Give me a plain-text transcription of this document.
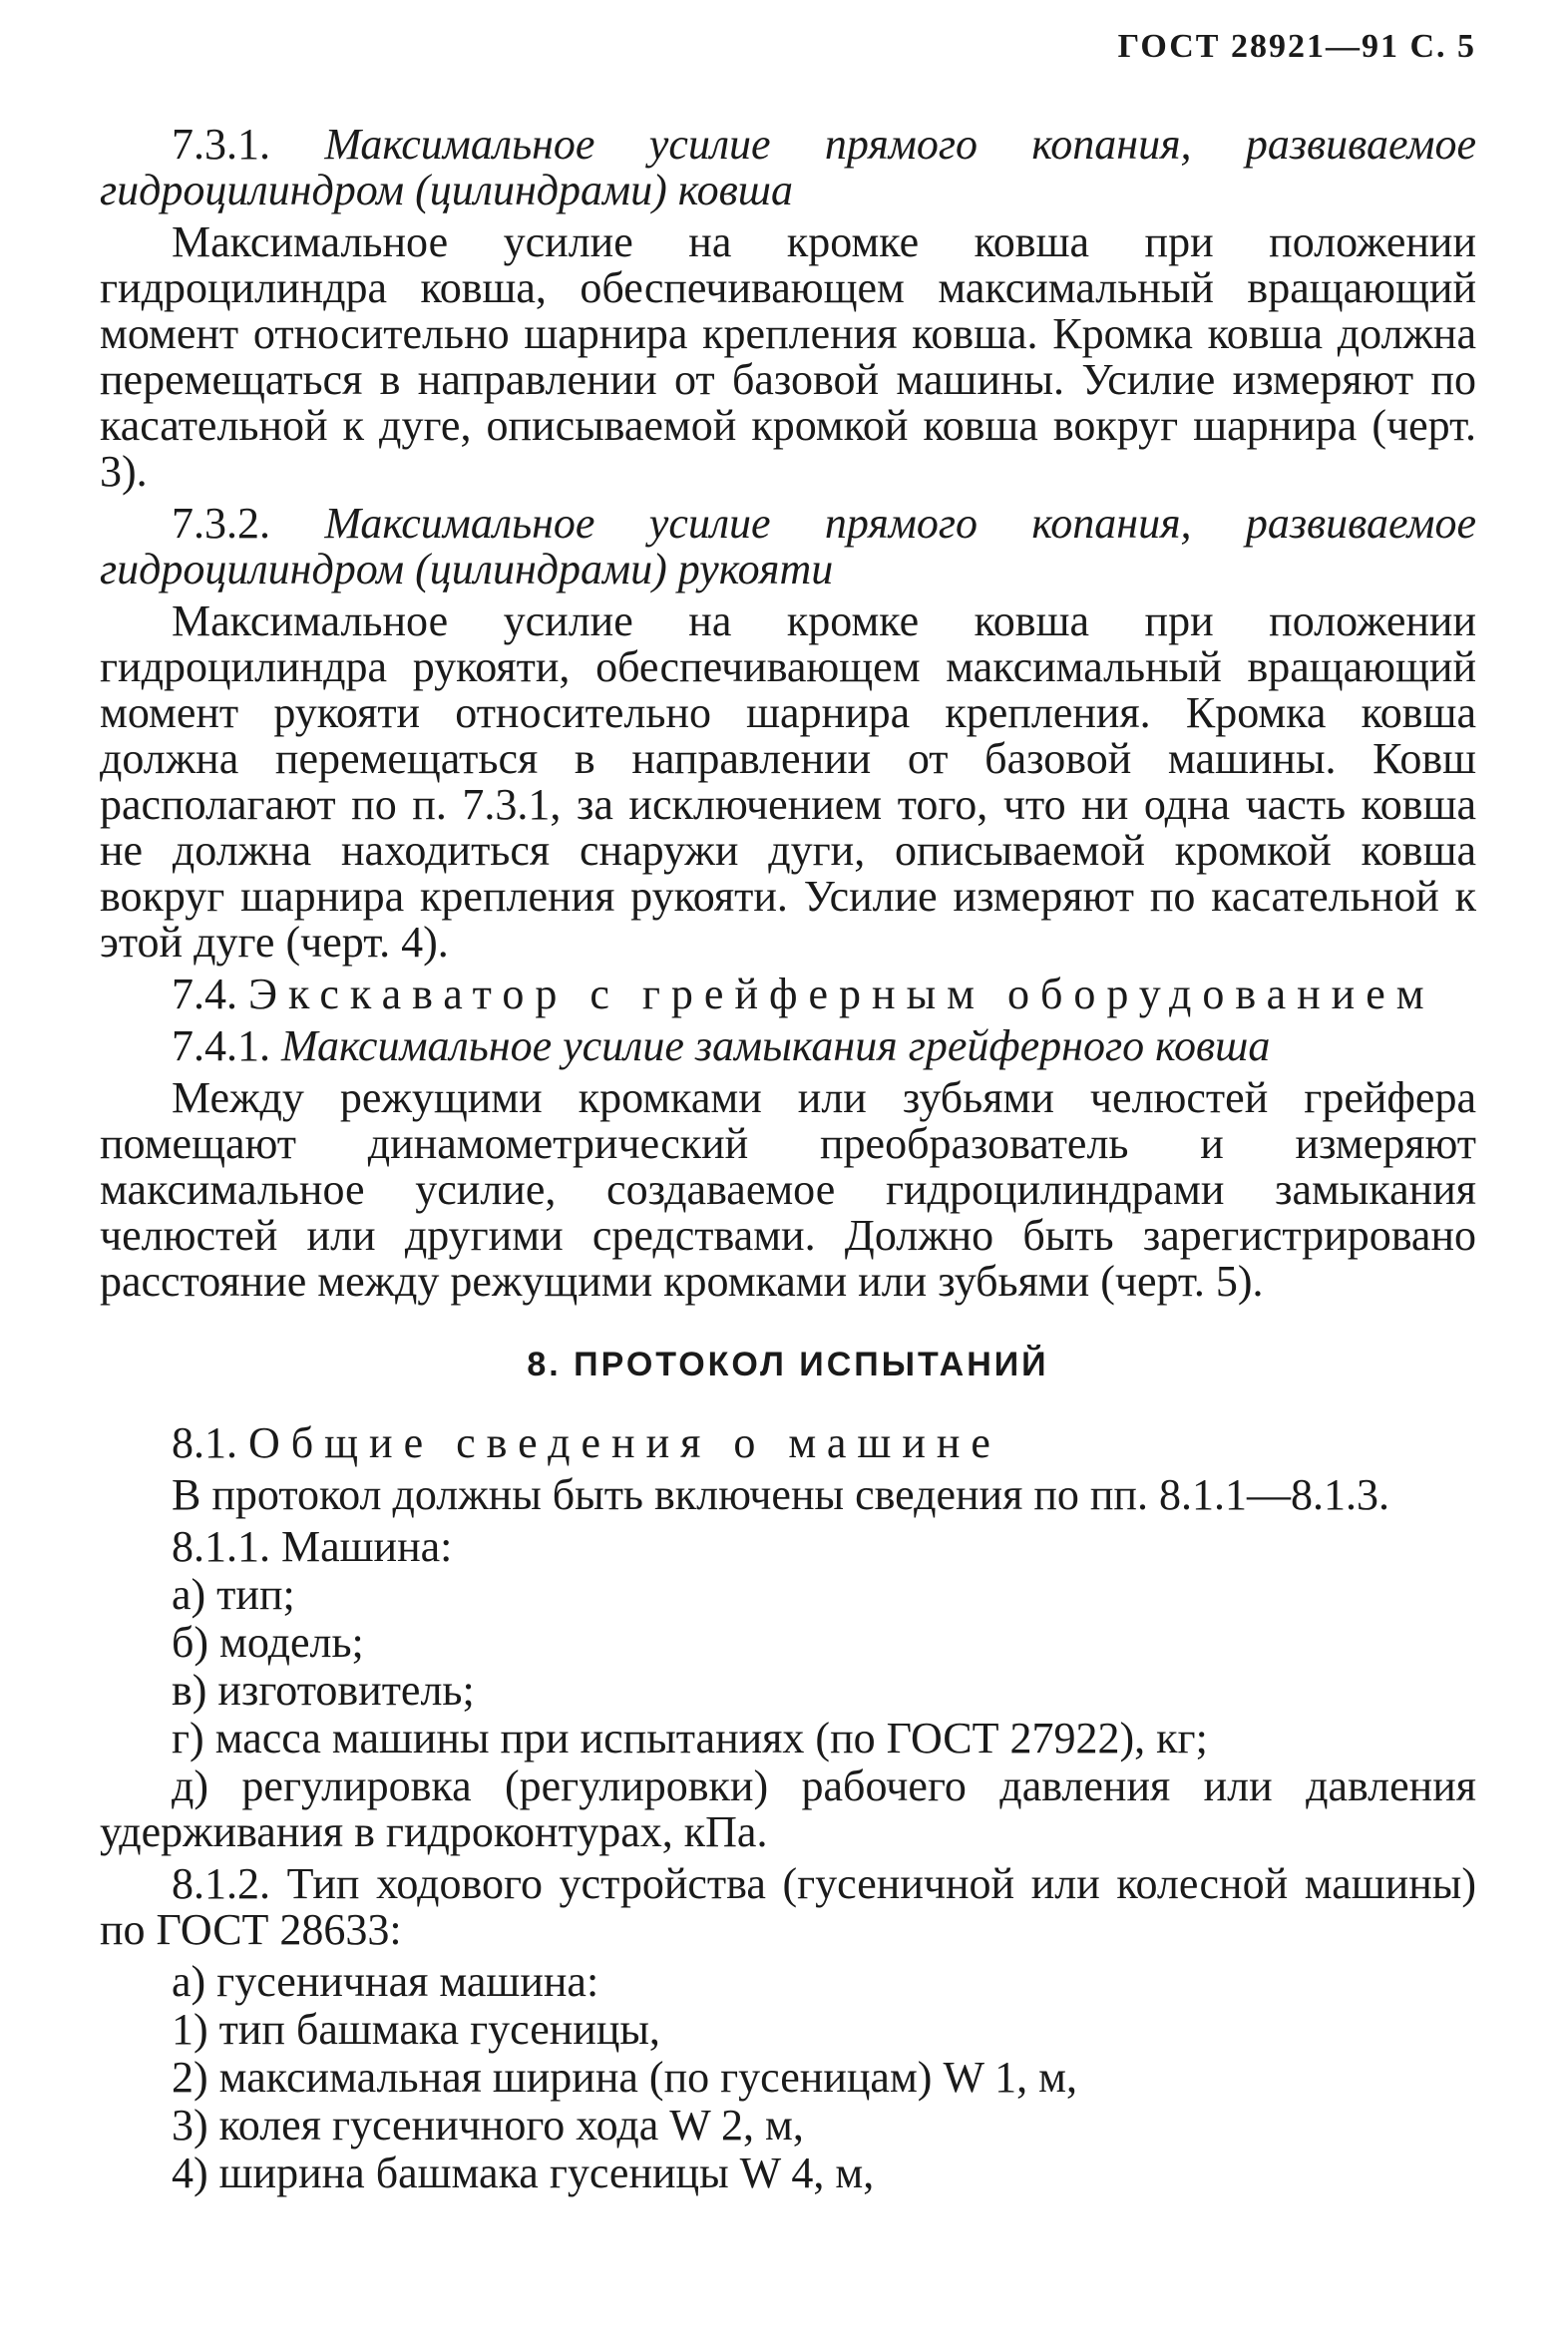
ГОСТ 28921—91 С. 5

7.3.1. Максимальное усилие прямого копания, развиваемое гидроцилиндром (цилиндрами) ковша

Максимальное усилие на кромке ковша при положении гидроцилиндра ковша, обеспечивающем максимальный вращающий момент относительно шарнира крепления ковша. Кромка ковша должна перемещаться в направлении от базовой машины. Усилие измеряют по касательной к дуге, описываемой кромкой ковша вокруг шарнира (черт. 3).

7.3.2. Максимальное усилие прямого копания, развиваемое гидроцилиндром (цилиндрами) рукояти

Максимальное усилие на кромке ковша при положении гидроцилиндра рукояти, обеспечивающем максимальный вращающий момент рукояти относительно шарнира крепления. Кромка ковша должна перемещаться в направлении от базовой машины. Ковш располагают по п. 7.3.1, за исключением того, что ни одна часть ковша не должна находиться снаружи дуги, описываемой кромкой ковша вокруг шарнира крепления рукояти. Усилие измеряют по касательной к этой дуге (черт. 4).

7.4. Экскаватор с грейферным оборудованием

7.4.1. Максимальное усилие замыкания грейферного ковша

Между режущими кромками или зубьями челюстей грейфера помещают динамометрический преобразователь и измеряют максимальное усилие, создаваемое гидроцилиндрами замыкания челюстей или другими средствами. Должно быть зарегистрировано расстояние между режущими кромками или зубьями (черт. 5).

8. ПРОТОКОЛ ИСПЫТАНИЙ

8.1. Общие сведения о машине

В протокол должны быть включены сведения по пп. 8.1.1—8.1.3.

8.1.1. Машина:

а) тип;

б) модель;

в) изготовитель;

г) масса машины при испытаниях (по ГОСТ 27922), кг;

д) регулировка (регулировки) рабочего давления или давления удерживания в гидроконтурах, кПа.

8.1.2. Тип ходового устройства (гусеничной или колесной машины) по ГОСТ 28633:

а) гусеничная машина:

1) тип башмака гусеницы,

2) максимальная ширина (по гусеницам) W 1, м,

3) колея гусеничного хода W 2, м,

4) ширина башмака гусеницы W 4, м,
